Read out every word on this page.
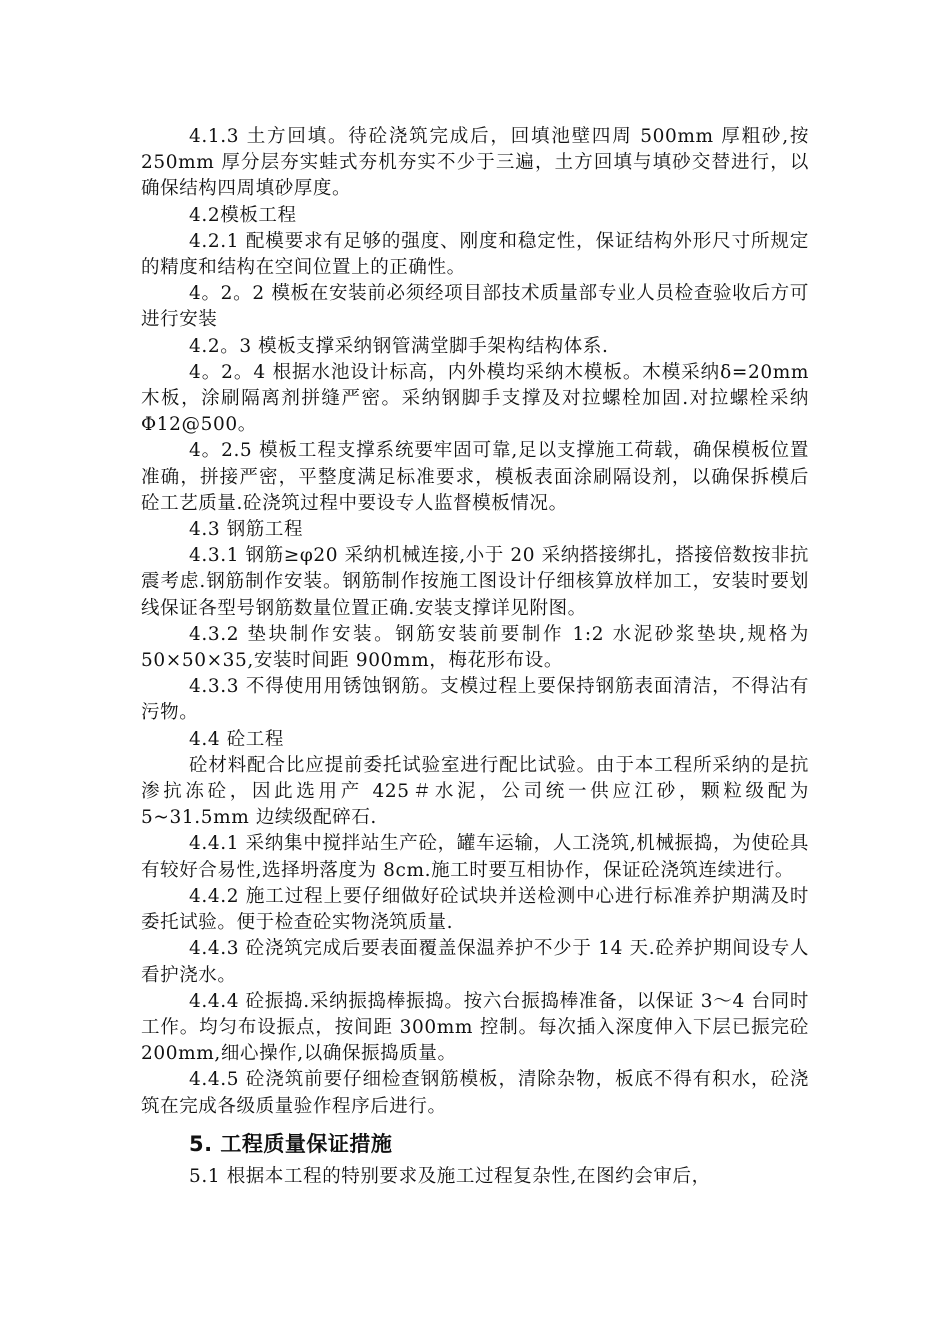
4.1.3 土方回填。待砼浇筑完成后，回填池壁四周 500mm 厚粗砂,按 250mm 厚分层夯实蛙式夯机夯实不少于三遍，土方回填与填砂交替进行，以确保结构四周填砂厚度。

4.2模板工程

4.2.1 配模要求有足够的强度、刚度和稳定性，保证结构外形尺寸所规定的精度和结构在空间位置上的正确性。

4。2。2 模板在安装前必须经项目部技术质量部专业人员检查验收后方可进行安装

4.2。3 模板支撑采纳钢管满堂脚手架构结构体系.

4。2。4 根据水池设计标高，内外模均采纳木模板。木模采纳δ=20mm 木板，涂刷隔离剂拼缝严密。采纳钢脚手支撑及对拉螺栓加固.对拉螺栓采纳 Φ12@500。

4。2.5 模板工程支撑系统要牢固可靠,足以支撑施工荷载，确保模板位置准确，拼接严密，平整度满足标准要求，模板表面涂刷隔设剂，以确保拆模后砼工艺质量.砼浇筑过程中要设专人监督模板情况。

4.3 钢筋工程

4.3.1 钢筋≥φ20 采纳机械连接,小于 20 采纳搭接绑扎，搭接倍数按非抗震考虑.钢筋制作安装。钢筋制作按施工图设计仔细核算放样加工，安装时要划线保证各型号钢筋数量位置正确.安装支撑详见附图。

4.3.2 垫块制作安装。钢筋安装前要制作 1:2 水泥砂浆垫块,规格为 50×50×35,安装时间距 900mm，梅花形布设。

4.3.3 不得使用用锈蚀钢筋。支模过程上要保持钢筋表面清洁，不得沾有污物。

4.4 砼工程

砼材料配合比应提前委托试验室进行配比试验。由于本工程所采纳的是抗渗抗冻砼，因此选用产 425＃水泥，公司统一供应江砂，颗粒级配为 5~31.5mm 边续级配碎石.

4.4.1 采纳集中搅拌站生产砼，罐车运输，人工浇筑,机械振捣，为使砼具有较好合易性,选择坍落度为 8cm.施工时要互相协作，保证砼浇筑连续进行。

4.4.2 施工过程上要仔细做好砼试块并送检测中心进行标准养护期满及时委托试验。便于检查砼实物浇筑质量.

4.4.3 砼浇筑完成后要表面覆盖保温养护不少于 14 天.砼养护期间设专人看护浇水。

4.4.4 砼振捣.采纳振捣棒振捣。按六台振捣棒准备，以保证 3～4 台同时工作。均匀布设振点，按间距 300mm 控制。每次插入深度伸入下层已振完砼 200mm,细心操作,以确保振捣质量。

4.4.5 砼浇筑前要仔细检查钢筋模板，清除杂物，板底不得有积水，砼浇筑在完成各级质量验作程序后进行。

5. 工程质量保证措施

5.1 根据本工程的特别要求及施工过程复杂性,在图约会审后，
